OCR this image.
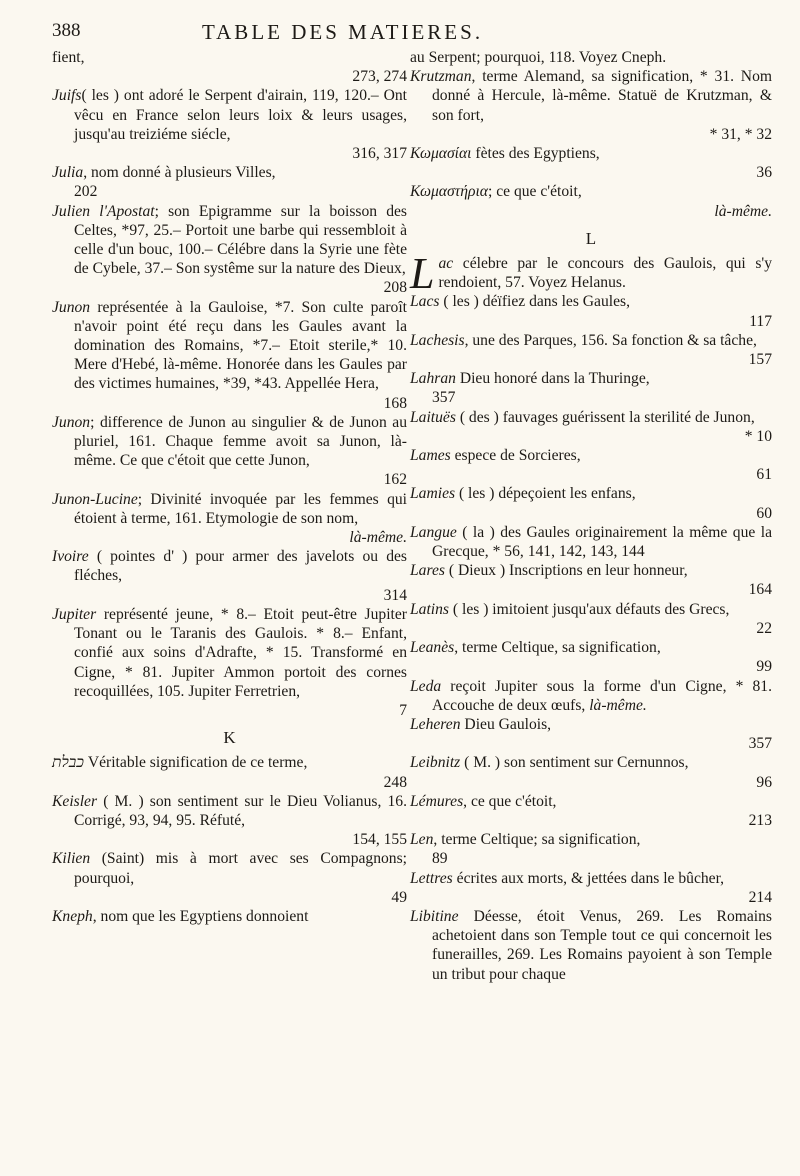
388	TABLE DES MATIERES.

fient,
273, 274

Juifs( les ) ont adoré le Serpent d'airain, 119, 120.– Ont vêcu en France selon leurs loix & leurs usages, jusqu'au treiziéme siécle,
316, 317

Julia, nom donné à plusieurs Villes,
202

Julien l'Apostat; son Epigramme sur la boisson des Celtes, *97, 25.– Portoit une barbe qui ressembloit à celle d'un bouc, 100.– Célébre dans la Syrie une fète de Cybele, 37.– Son systême sur la nature des Dieux,
208

Junon représentée à la Gauloise, *7. Son culte paroît n'avoir point été reçu dans les Gaules avant la domination des Romains, *7.– Etoit sterile,* 10. Mere d'Hebé, là-même. Honorée dans les Gaules par des victimes humaines, *39, *43. Appellée Hera,
168

Junon; difference de Junon au singulier & de Junon au pluriel, 161. Chaque femme avoit sa Junon, là-même. Ce que c'étoit que cette Junon,
162

Junon-Lucine; Divinité invoquée par les femmes qui étoient à terme, 161. Etymologie de son nom,
là-même.

Ivoire ( pointes d' ) pour armer des javelots ou des fléches,
314

Jupiter représenté jeune, * 8.– Etoit peut-être Jupiter Tonant ou le Taranis des Gaulois. * 8.– Enfant, confié aux soins d'Adrafte, * 15. Transformé en Cigne, * 81. Jupiter Ammon portoit des cornes recoquillées, 105. Jupiter Ferretrien,
7

K

כבלת Véritable signification de ce terme,
248

Keisler ( M. ) son sentiment sur le Dieu Volianus, 16. Corrigé, 93, 94, 95. Réfuté,
154, 155

Kilien (Saint) mis à mort avec ses Compagnons; pourquoi,
49

Kneph, nom que les Egyptiens donnoient

au Serpent; pourquoi, 118. Voyez Cneph.

Krutzman, terme Alemand, sa signification, * 31. Nom donné à Hercule, là-même. Statuë de Krutzman, & son fort,
* 31, * 32

Κωμασίαι fètes des Egyptiens,
36

Κωμαστήρια; ce que c'étoit,
là-même.

L

Lac célebre par le concours des Gaulois, qui s'y rendoient, 57. Voyez Helanus.

Lacs ( les ) déïfiez dans les Gaules,
117

Lachesis, une des Parques, 156. Sa fonction & sa tâche,
157

Lahran Dieu honoré dans la Thuringe,
357

Laituës ( des ) fauvages guérissent la sterilité de Junon,
* 10

Lames espece de Sorcieres,
61

Lamies ( les ) dépeçoient les enfans,
60

Langue ( la ) des Gaules originairement la même que la Grecque, * 56, 141, 142, 143, 144

Lares ( Dieux ) Inscriptions en leur honneur,
164

Latins ( les ) imitoient jusqu'aux défauts des Grecs,
22

Leanès, terme Celtique, sa signification,
99

Leda reçoit Jupiter sous la forme d'un Cigne, * 81. Accouche de deux œufs, là-même.

Leheren Dieu Gaulois,
357

Leibnitz ( M. ) son sentiment sur Cernunnos,
96

Lémures, ce que c'étoit,
213

Len, terme Celtique; sa signification,
89

Lettres écrites aux morts, & jettées dans le bûcher,
214

Libitine Déesse, étoit Venus, 269. Les Romains achetoient dans son Temple tout ce qui concernoit les funerailles, 269. Les Romains payoient à son Temple un tribut pour chaque
